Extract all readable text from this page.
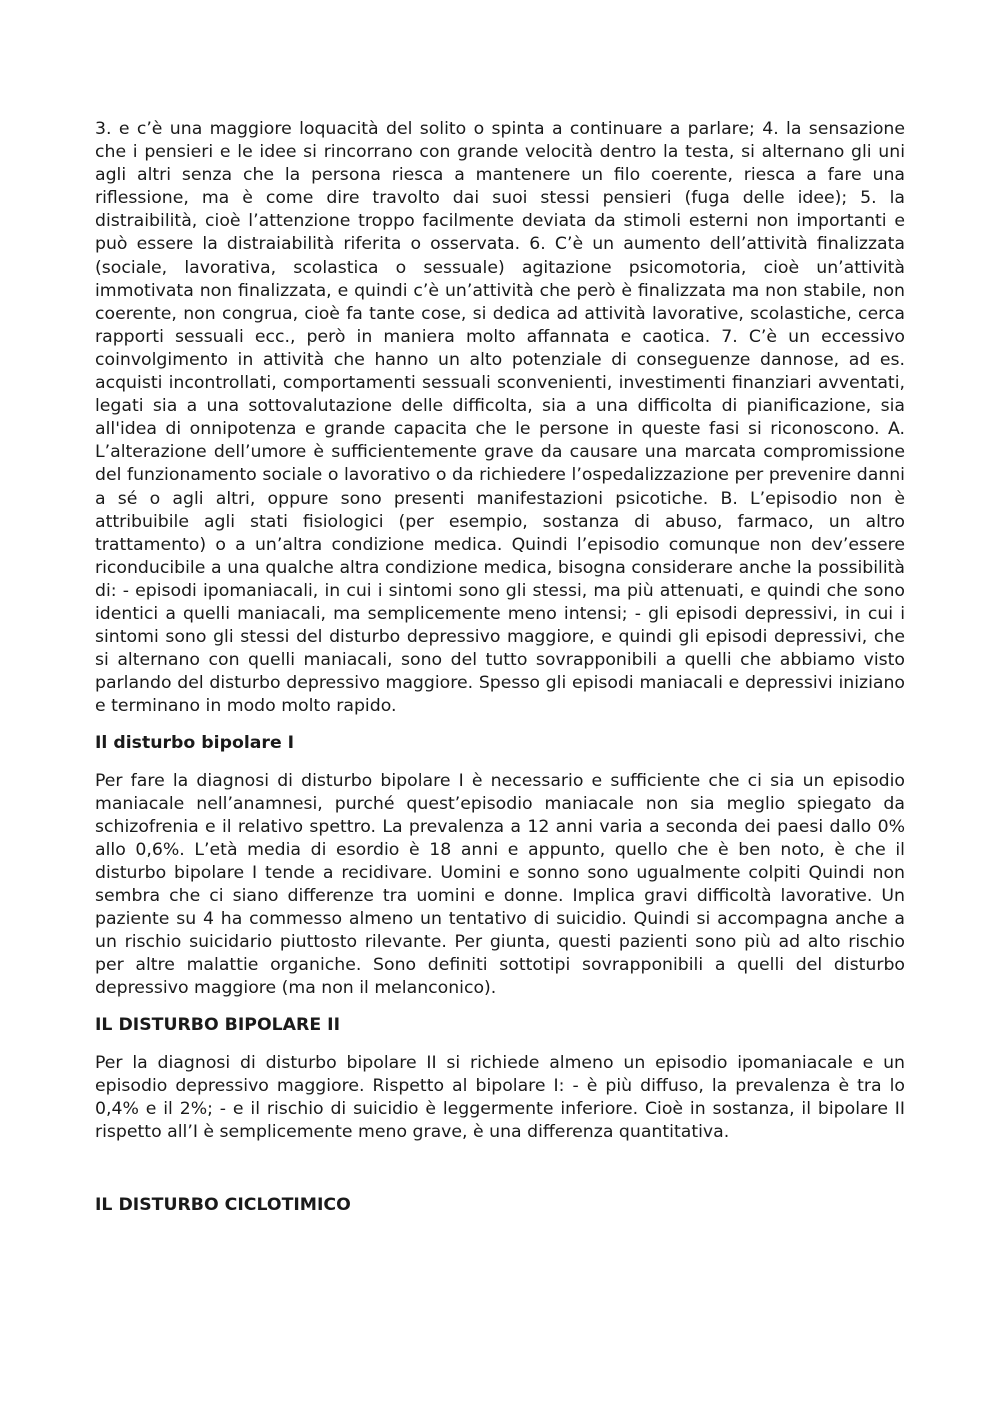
3. e c’è una maggiore loquacità del solito o spinta a continuare a parlare; 4. la sensazione che i pensieri e le idee si rincorrano con grande velocità dentro la testa, si alternano gli uni agli altri senza che la persona riesca a mantenere un filo coerente, riesca a fare una riflessione, ma è come dire travolto dai suoi stessi pensieri (fuga delle idee); 5. la distraibilità, cioè l’attenzione troppo facilmente deviata da stimoli esterni non importanti e può essere la distraiabilità riferita o osservata. 6. C’è un aumento dell’attività finalizzata (sociale, lavorativa, scolastica o sessuale) agitazione psicomotoria, cioè un’attività immotivata non finalizzata, e quindi c’è un’attività che però è finalizzata ma non stabile, non coerente, non congrua, cioè fa tante cose, si dedica ad attività lavorative, scolastiche, cerca rapporti sessuali ecc., però in maniera molto affannata e caotica. 7. C’è un eccessivo coinvolgimento in attività che hanno un alto potenziale di conseguenze dannose, ad es. acquisti incontrollati, comportamenti sessuali sconvenienti, investimenti finanziari avventati, legati sia a una sottovalutazione delle difficolta, sia a una difficolta di pianificazione, sia all'idea di onnipotenza e grande capacita che le persone in queste fasi si riconoscono. A. L’alterazione dell’umore è sufficientemente grave da causare una marcata compromissione del funzionamento sociale o lavorativo o da richiedere l’ospedalizzazione per prevenire danni a sé o agli altri, oppure sono presenti manifestazioni psicotiche. B. L’episodio non è attribuibile agli stati fisiologici (per esempio, sostanza di abuso, farmaco, un altro trattamento) o a un’altra condizione medica. Quindi l’episodio comunque non dev’essere riconducibile a una qualche altra condizione medica, bisogna considerare anche la possibilità di: - episodi ipomaniacali, in cui i sintomi sono gli stessi, ma più attenuati, e quindi che sono identici a quelli maniacali, ma semplicemente meno intensi; - gli episodi depressivi, in cui i sintomi sono gli stessi del disturbo depressivo maggiore, e quindi gli episodi depressivi, che si alternano con quelli maniacali, sono del tutto sovrapponibili a quelli che abbiamo visto parlando del disturbo depressivo maggiore. Spesso gli episodi maniacali e depressivi iniziano e terminano in modo molto rapido.

Il disturbo bipolare I

Per fare la diagnosi di disturbo bipolare I è necessario e sufficiente che ci sia un episodio maniacale nell’anamnesi, purché quest’episodio maniacale non sia meglio spiegato da schizofrenia e il relativo spettro. La prevalenza a 12 anni varia a seconda dei paesi dallo 0% allo 0,6%. L’età media di esordio è 18 anni e appunto, quello che è ben noto, è che il disturbo bipolare I tende a recidivare. Uomini e sonno sono ugualmente colpiti Quindi non sembra che ci siano differenze tra uomini e donne. Implica gravi difficoltà lavorative. Un paziente su 4 ha commesso almeno un tentativo di suicidio. Quindi si accompagna anche a un rischio suicidario piuttosto rilevante. Per giunta, questi pazienti sono più ad alto rischio per altre malattie organiche. Sono definiti sottotipi sovrapponibili a quelli del disturbo depressivo maggiore (ma non il melanconico).

IL DISTURBO BIPOLARE II

Per la diagnosi di disturbo bipolare II si richiede almeno un episodio ipomaniacale e un episodio depressivo maggiore. Rispetto al bipolare I: - è più diffuso, la prevalenza è tra lo 0,4% e il 2%; - e il rischio di suicidio è leggermente inferiore. Cioè in sostanza, il bipolare II rispetto all’I è semplicemente meno grave, è una differenza quantitativa.

IL DISTURBO CICLOTIMICO
